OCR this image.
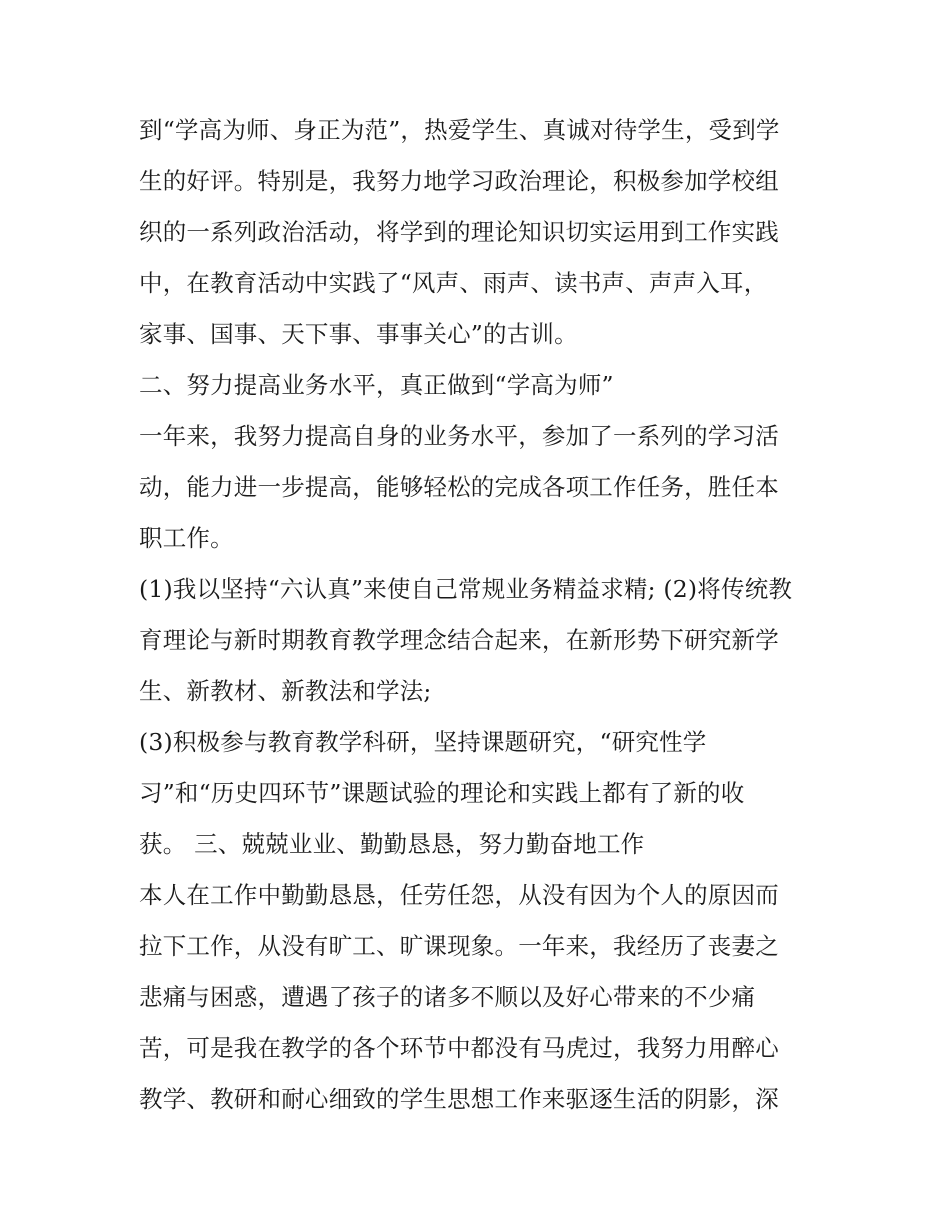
到“学高为师、身正为范”，热爱学生、真诚对待学生，受到学
生的好评。特别是，我努力地学习政治理论，积极参加学校组
织的一系列政治活动，将学到的理论知识切实运用到工作实践
中，在教育活动中实践了“风声、雨声、读书声、声声入耳，
家事、国事、天下事、事事关心”的古训。
二、努力提高业务水平，真正做到“学高为师”
一年来，我努力提高自身的业务水平，参加了一系列的学习活
动，能力进一步提高，能够轻松的完成各项工作任务，胜任本
职工作。
(1)我以坚持“六认真”来使自己常规业务精益求精; (2)将传统教
育理论与新时期教育教学理念结合起来，在新形势下研究新学
生、新教材、新教法和学法;
(3)积极参与教育教学科研，坚持课题研究，“研究性学
习”和“历史四环节”课题试验的理论和实践上都有了新的收
获。 三、兢兢业业、勤勤恳恳，努力勤奋地工作
本人在工作中勤勤恳恳，任劳任怨，从没有因为个人的原因而
拉下工作，从没有旷工、旷课现象。一年来，我经历了丧妻之
悲痛与困惑，遭遇了孩子的诸多不顺以及好心带来的不少痛
苦，可是我在教学的各个环节中都没有马虎过，我努力用醉心
教学、教研和耐心细致的学生思想工作来驱逐生活的阴影，深
